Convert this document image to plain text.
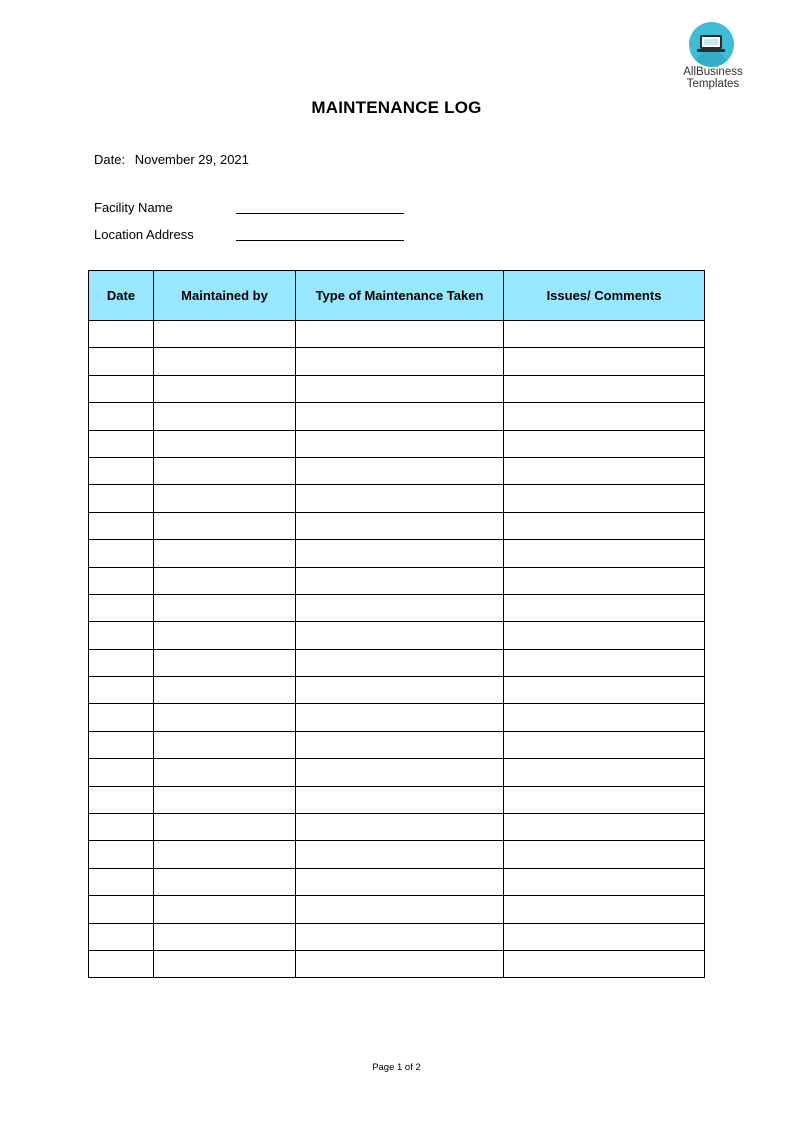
AllBusiness
Templates
MAINTENANCE LOG
Date: November 29, 2021
Facility Name
Location Address
Date	Maintained by	Type of Maintenance Taken	Issues/ Comments

Page 1 of 2
